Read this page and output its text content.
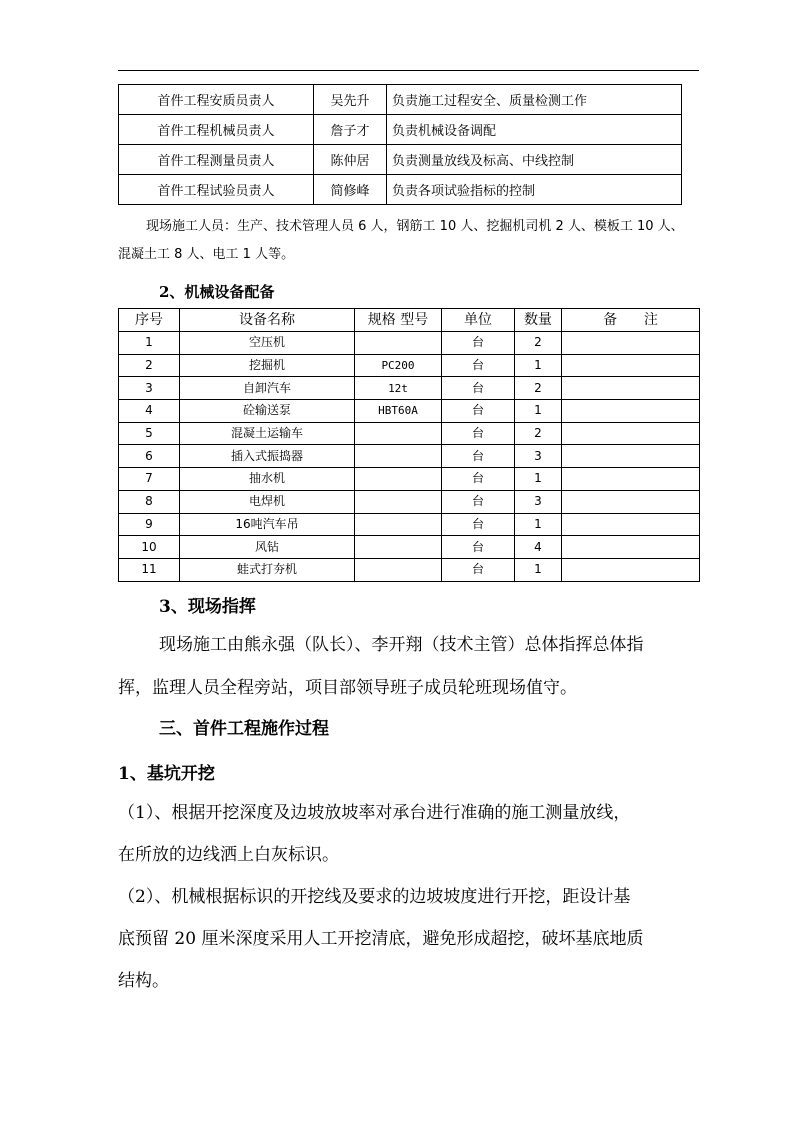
首件工程安质员责人	吴先升	负责施工过程安全、质量检测工作
首件工程机械员责人	詹子才	负责机械设备调配
首件工程测量员责人	陈仲居	负责测量放线及标高、中线控制
首件工程试验员责人	简修峰	负责各项试验指标的控制
现场施工人员：生产、技术管理人员 6 人，钢筋工 10 人、挖掘机司机 2 人、模板工 10 人、
混凝土工 8 人、电工 1 人等。
2、机械设备配备
序号	设备名称	规格 型号	单位	数量	备      注
1	空压机		台	2	
2	挖掘机	PC200	台	1	
3	自卸汽车	12t	台	2	
4	砼输送泵	HBT60A	台	1	
5	混凝土运输车		台	2	
6	插入式振捣器		台	3	
7	抽水机		台	1	
8	电焊机		台	3	
9	16吨汽车吊		台	1	
10	风钻		台	4	
11	蛙式打夯机		台	1	
3、现场指挥
现场施工由熊永强（队长）、李开翔（技术主管）总体指挥总体指
挥，监理人员全程旁站，项目部领导班子成员轮班现场值守。
三、首件工程施作过程
1、基坑开挖
（1）、根据开挖深度及边坡放坡率对承台进行准确的施工测量放线，
在所放的边线洒上白灰标识。
（2）、机械根据标识的开挖线及要求的边坡坡度进行开挖，距设计基
底预留 20 厘米深度采用人工开挖清底，避免形成超挖，破坏基底地质
结构。
